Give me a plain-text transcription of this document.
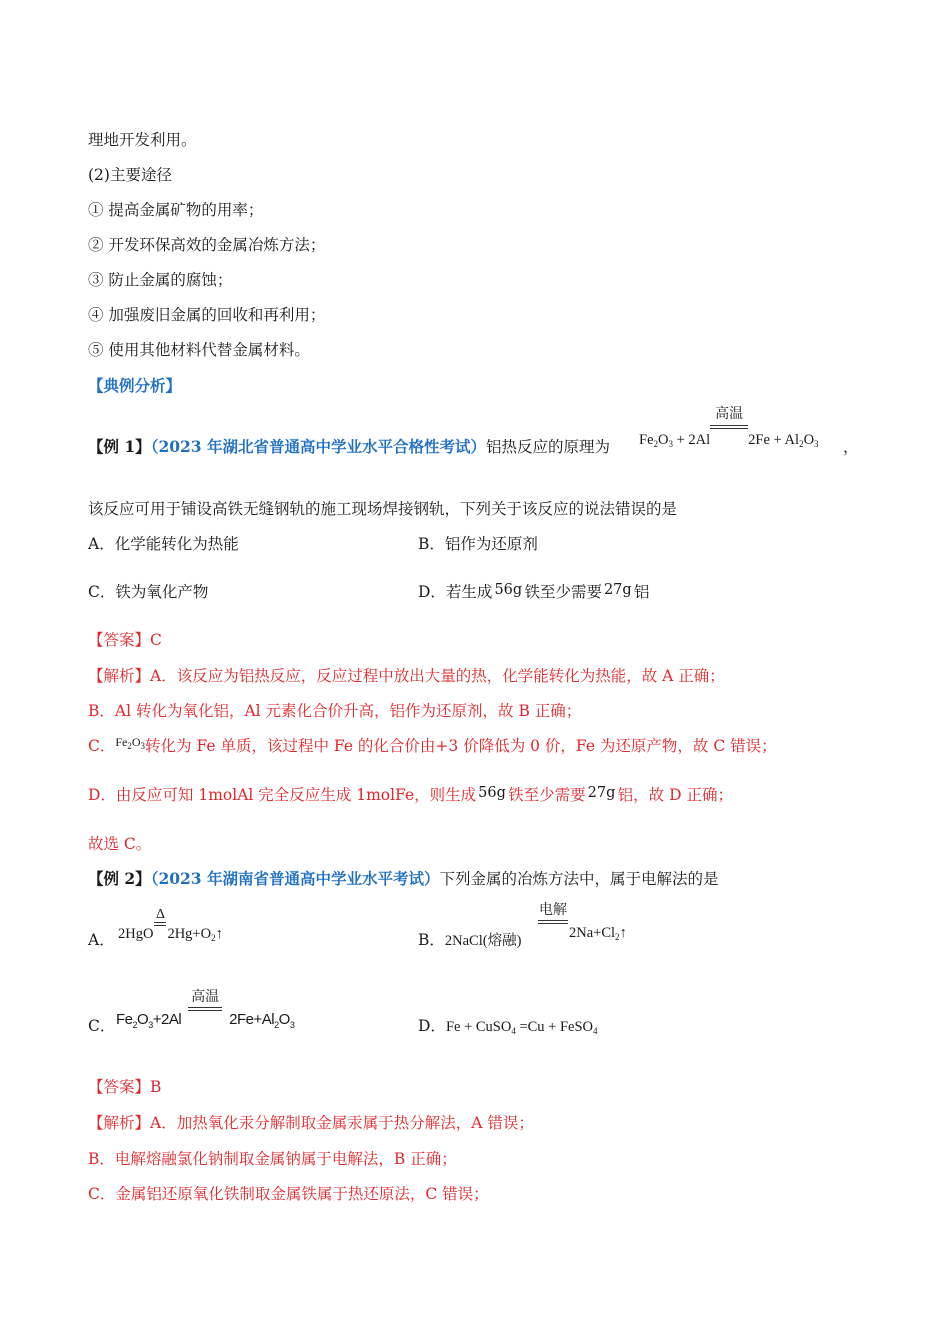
理地开发利用。
(2)主要途径
① 提高金属矿物的用率；
② 开发环保高效的金属冶炼方法；
③ 防止金属的腐蚀；
④ 加强废旧金属的回收和再利用；
⑤ 使用其他材料代替金属材料。
【典例分析】
【例 1】（2023 年湖北省普通高中学业水平合格性考试）铝热反应的原理为 $Fe_2O_3 + 2Al$
高温
$2Fe + Al_2O_3$ ，
该反应可用于铺设高铁无缝钢轨的施工现场焊接钢轨，下列关于该反应的说法错误的是
A．化学能转化为热能	B．铝作为还原剂
C．铁为氧化产物	D．若生成 56g 铁至少需要 27g 铝
【答案】C
【解析】A．该反应为铝热反应，反应过程中放出大量的热，化学能转化为热能，故 A 正确；
B．Al 转化为氧化铝，Al 元素化合价升高，铝作为还原剂，故 B 正确；
C．$^{Fe_2O_3}$转化为 Fe 单质，该过程中 Fe 的化合价由+3 价降低为 0 价，Fe 为还原产物，故 C 错误；
D．由反应可知 1molAl 完全反应生成 1molFe，则生成 56g 铁至少需要 27g 铝，故 D 正确；
故选 C。
【例 2】（2023 年湖南省普通高中学业水平考试）下列金属的冶炼方法中，属于电解法的是
A． 2HgO
Δ
$2Hg+O_2↑$	B．2NaCl(熔融)
电解
$2Na+Cl_2↑$
C． $Fe_2O_3+2Al$
高温
$2Fe+Al_2O_3$	D．Fe + CuSO$_4$ =Cu + FeSO$_4$
【答案】B
【解析】A．加热氧化汞分解制取金属汞属于热分解法，A 错误；
B．电解熔融氯化钠制取金属钠属于电解法，B 正确；
C．金属铝还原氧化铁制取金属铁属于热还原法，C 错误；
